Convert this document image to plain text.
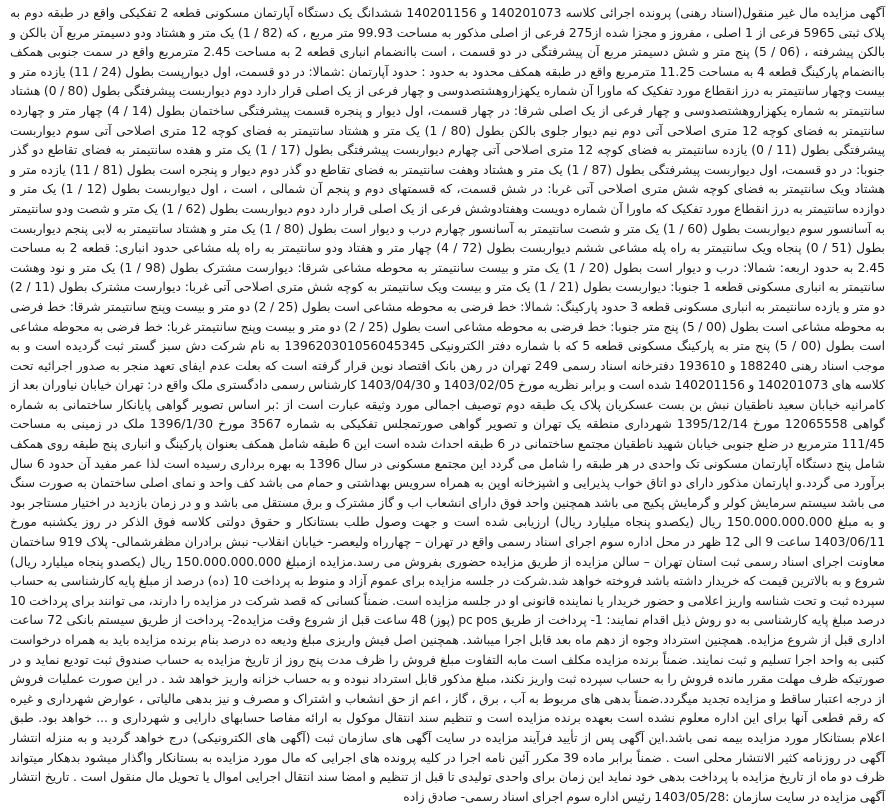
آگهی مزایده مال غیر منقول(اسناد رهنی) پرونده اجرائی کلاسه 140201073 و 140201156 ششدانگ یک دستگاه آپارتمان مسکونی قطعه 2 تفکیکی واقع در طبقه دوم به پلاک ثبتی 5965 فرعی از 1 اصلی ، مفروز و مجزا شده از275 فرعی از اصلی مذکور به مساحت 99.93 متر مربع ، که (82 / 1) یک متر و هشتاد ودو دسیمتر مربع آن بالکن و بالکن پیشرفته ، (06 / 5) پنج متر و شش دسیمتر مربع آن پیشرفتگی در دو قسمت ، است باانضمام انباری قطعه 2 به مساحت 2.45 مترمربع واقع در سمت جنوبی همکف باانضمام پارکینگ قطعه 4 به مساحت 11.25 مترمربع واقع در طبقه همکف محدود به حدود : حدود آپارتمان :شمالا: در دو قسمت، اول دیوارپست بطول (24 / 11) یازده متر و بیست وچهار سانتیمتر به درز انقطاع مورد تفکیک که ماورا آن شماره یکهزاروهشتصدوسی و چهار فرعی از یک اصلی قرار دارد دوم دیواربست پیشرفتگی بطول (80 / 0) هشتاد سانتیمتر به شماره یکهزاروهشتصدوسی و چهار فرعی از یک اصلی شرقا: در چهار قسمت، اول دیوار و پنجره قسمت پیشرفتگی ساختمان بطول (14 / 4) چهار متر و چهارده سانتیمتر به فضای کوچه 12 متری اصلاحی آتی دوم نیم دیوار جلوی بالکن بطول (80 / 1) یک متر و هشتاد سانتیمتر به فضای کوچه 12 متری اصلاحی آتی سوم دیواربست پیشرفتگی بطول (11 / 0) یازده سانتیمتر به فضای کوچه 12 متری اصلاحی آتی چهارم دیواربست پیشرفتگی بطول (17 / 1) یک متر و هفده سانتیمتر به فضای تقاطع دو گذر جنوبا: در دو قسمت، اول دیواربست پیشرفتگی بطول (87 / 1) یک متر و هشتاد وهفت سانتیمتر به فضای تقاطع دو گذر دوم دیوار و پنجره است بطول (81 / 11) یازده متر و هشتاد ویک سانتیمتر به فضای کوچه شش متری اصلاحی آتی غربا: در شش قسمت، که قسمتهای دوم و پنجم آن شمالی ، است ، اول دیواربست بطول (12 / 1) یک متر و دوازده سانتیمتر به درز انقطاع مورد تفکیک که ماورا آن شماره دویست وهفتادوشش فرعی از یک اصلی قرار دارد دوم دیواربست بطول (62 / 1) یک متر و شصت ودو سانتیمتر به آسانسور سوم دیواربست بطول (60 / 1) یک متر و شصت سانتیمتر به آسانسور چهارم درب و دیوار است بطول (80 / 1) یک متر و هشتاد سانتیمتر به لابی پنجم دیواربست بطول (51 / 0) پنجاه ویک سانتیمتر به راه پله مشاعی ششم دیواربست بطول (72 / 4) چهار متر و هفتاد ودو سانتیمتر به راه پله مشاعی حدود انباری: قطعه 2 به مساحت 2.45 به حدود اربعه: شمالا: درب و دیوار است بطول (20 / 1) یک متر و بیست سانتیمتر به محوطه مشاعی شرقا: دیوارست مشترک بطول (98 / 1) یک متر و نود وهشت سانتیمتر به انباری مسکونی قطعه 1 جنوبا: دیواربست بطول (21 / 1) یک متر و بیست ویک سانتیمتر به کوچه شش متری اصلاحی آتی غربا: دیوارست مشترک بطول (11 / 2) دو متر و یازده سانتیمتر به انباری مسکونی قطعه 3 حدود پارکینگ: شمالا: خط فرضی به محوطه مشاعی است بطول (25 / 2) دو متر و بیست وپنج سانتیمتر شرقا: خط فرضی به محوطه مشاعی است بطول (00 / 5) پنج متر جنوبا: خط فرضی به محوطه مشاعی است بطول (25 / 2) دو متر و بیست وپنج سانتیمتر غربا: خط فرضی به محوطه مشاعی است بطول (00 / 5) پنج متر به پارکینگ مسکونی قطعه 5 که با شماره دفتر الکترونیکی 13962030105604534​5 به نام شرکت دش سبز گستر ثبت گردیده است و به موجب اسناد رهنی 188240 و 193610 دفترخانه اسناد رسمی 249 تهران در رهن بانک اقتصاد نوین قرار گرفته است که بعلت عدم ایفای تعهد منجر به صدور اجرائیه تحت کلاسه های 140201073 و 140201156 شده است و برابر نظریه مورخ 1403/02/05 و 1403/04/30 کارشناس رسمی دادگستری ملک واقع در: تهران خیابان نیاوران بعد از کامرانیه خیابان سعید ناطقیان نبش بن بست عسکریان پلاک یک طبقه دوم توصیف اجمالی مورد وثیقه عبارت است از :بر اساس تصویر گواهی پایانکار ساختمانی به شماره گواهی 12065558 مورخ 1395/12/14 شهرداری منطقه یک تهران و تصویر گواهی صورتمجلس تفکیکی به شماره 3567 مورخ 1396/1/30 ملک در زمینی به مساحت 111/45 مترمربع در ضلع جنوبی خیابان شهید ناطقیان مجتمع ساختمانی در 6 طبقه احداث شده است این 6 طبقه شامل همکف بعنوان پارکینگ و انباری پنج طبقه روی همکف شامل پنج دستگاه آپارتمان مسکونی تک واحدی در هر طبقه را شامل می گردد این مجتمع مسکونی در سال 1396 به بهره برداری رسیده است لذا عمر مفید آن حدود 6 سال برآورد می گردد.و اپارتمان مذکور دارای دو اتاق خواب پذیرایی و اشپزخانه اوپن به همراه سرویس بهداشتی و حمام می باشد کف واحد و نمای اصلی ساختمان به صورت سنگ می باشد سیستم سرمایش کولر و گرمایش پکیج می باشد همچنین واحد فوق دارای انشعاب اب و گاز مشترک و برق مستقل می باشد و و در زمان بازدید در اختیار مستاجر بود و به مبلغ 150.000.000.000 ریال (یکصدو پنجاه میلیارد ریال) ارزیابی شده است و جهت وصول طلب بستانکار و حقوق دولتی کلاسه فوق الذکر در روز یکشنبه مورخ 1403/06/11 ساعت 9 الی 12 ظهر در محل اداره سوم اجرای اسناد رسمی واقع در تهران – چهارراه ولیعصر- خیابان انقلاب- نبش برادران مظفرشمالی- پلاک 919 ساختمان معاونت اجرای اسناد رسمی ثبت استان تهران – سالن مزایده از طریق مزایده حضوری بفروش می رسد.مزایده ازمبلغ 150.000.000.000 ریال (یکصدو پنجاه میلیارد ریال) شروع و به بالاترین قیمت که خریدار داشته باشد فروخته خواهد شد.شرکت در جلسه مزایده برای عموم آزاد و منوط به پرداخت 10 (ده) درصد از مبلغ پایه کارشناسی به حساب سپرده ثبت و تحت شناسه واریز اعلامی و حضور خریدار یا نماینده قانونی او در جلسه مزایده است. ضمناً کسانی که قصد شرکت در مزایده را دارند، می توانند برای پرداخت 10 درصد مبلغ پایه کارشناسی به دو روش ذیل اقدام نمایند: 1- پرداخت از طریق pc pos (پوز) 48 ساعت قبل از شروع وقت مزایده2- پرداخت از طریق سیستم بانکی 72 ساعت اداری قبل از شروع مزایده. همچنین استرداد وجوه از دهم ماه بعد قابل اجرا میباشد. همچنین اصل فیش واریزی مبلغ ودیعه ده درصد بنام برنده مزایده باید به همراه درخواست کتبی به واحد اجرا تسلیم و ثبت نمایند. ضمناً برنده مزایده مکلف است مابه التفاوت مبلغ فروش را ظرف مدت پنج روز از تاریخ مزایده به حساب صندوق ثبت تودیع نماید و در صورتیکه ظرف مهلت مقرر مانده فروش را به حساب سپرده ثبت واریز نکند، مبلغ مذکور قابل استرداد نبوده و به حساب خزانه واریز خواهد شد . در این صورت عملیات فروش از درجه اعتبار ساقط و مزایده تجدید میگردد.ضمناً بدهی های مربوط به آب ، برق ، گاز ، اعم از حق انشعاب و اشتراک و مصرف و نیز بدهی مالیاتی ، عوارض شهرداری و غیره که رقم قطعی آنها برای این اداره معلوم نشده است بعهده برنده مزایده است و تنظیم سند انتقال موکول به ارائه مفاصا حسابهای دارایی و شهرداری و ... خواهد بود. طبق اعلام بستانکار مورد مزایده بیمه نمی باشد.این آگهی پس از تأیید فرآیند مزایده در سایت آگهی های سازمان ثبت (آگهی های الکترونیکی) درج خواهد گردید و به منزله انتشار آگهی در روزنامه کثیر الانتشار محلی است . ضمناً برابر ماده 39 مکرر آئین نامه اجرا در کلیه پرونده های اجرایی که مال مورد مزایده به بستانکار واگذار میشود بدهکار میتواند ظرف دو ماه از تاریخ مزایده با پرداخت بدهی خود نماید این زمان برای واحدی تولیدی تا قبل از تنظیم و امضا سند انتقال اجرایی اموال یا تحویل مال منقول است . تاریخ انتشار آگهی مزایده در سایت سازمان :1403/05/28 رئیس اداره سوم اجرای اسناد رسمی- صادق زاده
